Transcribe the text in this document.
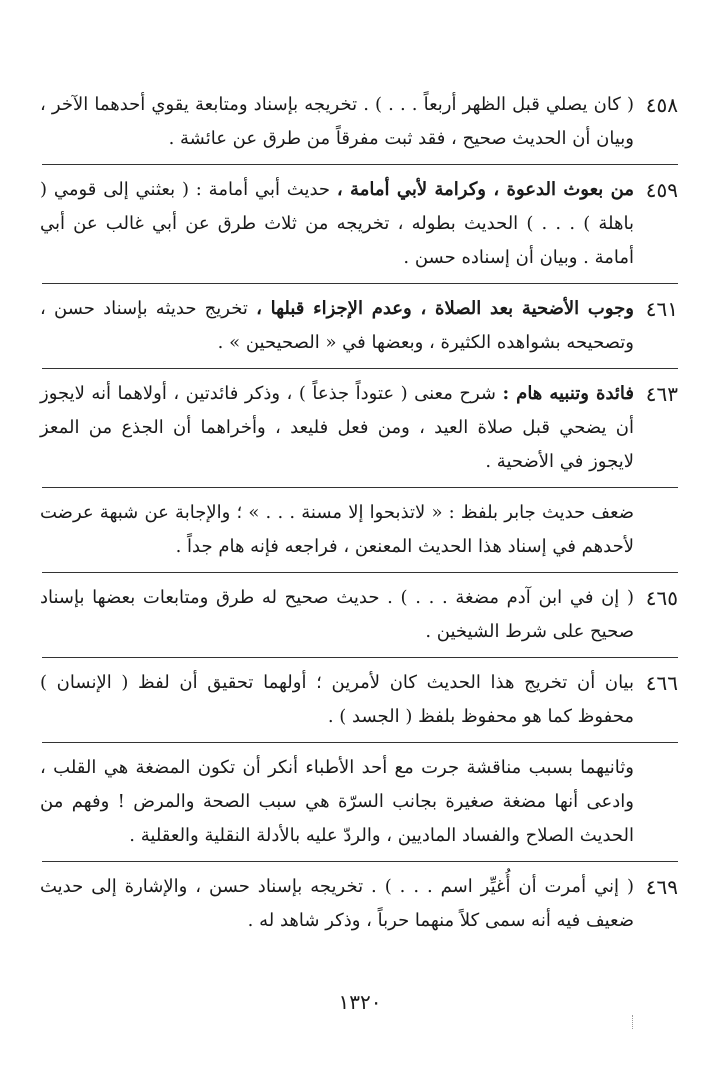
٤٥٨
( كان يصلي قبل الظهر أربعاً . . . ) . تخريجه بإسناد ومتابعة يقوي أحدهما الآخر ، وبيان أن الحديث صحيح ، فقد ثبت مفرقاً من طرق عن عائشة .
٤٥٩
من بعوث الدعوة ، وكرامة لأبي أمامة ، حديث أبي أمامة : ( بعثني إلى قومي ( باهلة ) . . . ) الحديث بطوله ، تخريجه من ثلاث طرق عن أبي غالب عن أبي أمامة . وبيان أن إسناده حسن .
٤٦١
وجوب الأضحية بعد الصلاة ، وعدم الإجزاء قبلها ، تخريج حديثه بإسناد حسن ، وتصحيحه بشواهده الكثيرة ، وبعضها في « الصحيحين » .
٤٦٣
فائدة وتنبيه هام : شرح معنى ( عتوداً جذعاً ) ، وذكر فائدتين ، أولاهما أنه لايجوز أن يضحي قبل صلاة العيد ، ومن فعل فليعد ، وأخراهما أن الجذع من المعز لايجوز في الأضحية .
ضعف حديث جابر بلفظ : « لاتذبحوا إلا مسنة . . . » ؛ والإجابة عن شبهة عرضت لأحدهم في إسناد هذا الحديث المعنعن ، فراجعه فإنه هام جداً .
٤٦٥
( إن في ابن آدم مضغة . . . ) . حديث صحيح له طرق ومتابعات بعضها بإسناد صحيح على شرط الشيخين .
٤٦٦
بيان أن تخريج هذا الحديث كان لأمرين ؛ أولهما تحقيق أن لفظ ( الإنسان ) محفوظ كما هو محفوظ بلفظ ( الجسد ) .
وثانيهما بسبب مناقشة جرت مع أحد الأطباء أنكر أن تكون المضغة هي القلب ، وادعى أنها مضغة صغيرة بجانب السرّة هي سبب الصحة والمرض ! وفهم من الحديث الصلاح والفساد الماديين ، والردّ عليه بالأدلة النقلية والعقلية .
٤٦٩
( إني أمرت أن أُغيِّر اسم . . . ) . تخريجه بإسناد حسن ، والإشارة إلى حديث ضعيف فيه أنه سمى كلاً منهما حرباً ، وذكر شاهد له .
١٣٢٠
